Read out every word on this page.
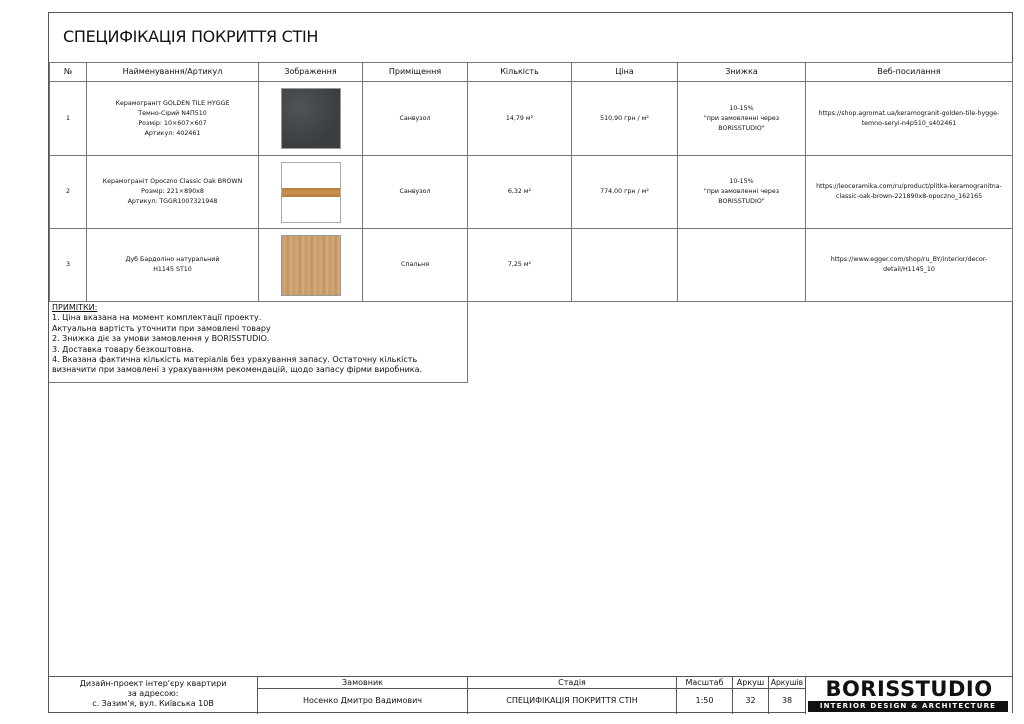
СПЕЦИФІКАЦІЯ ПОКРИТТЯ СТІН
№	Найменування/Артикул	Зображення	Приміщення	Кількість	Ціна	Знижка	Веб-посилання
1	Керамограніт GOLDEN TILE HYGGE
Темно-Сірий N4П510
Розмір: 10×607×607
Артикул: 402461		Санвузол	14,79 м²	510,90 грн / м²	10-15%
"при замовленні через
BORISSTUDIO"	https://shop.agromat.ua/keramogranit-golden-tile-hygge-
temno-seryi-n4p510_s402461

2	Керамограніт Opoczno Classic Oak BROWN
Розмір: 221×890х8
Артикул: TGGR1007321948		Санвузол	6,32 м²	774,00 грн / м²	10-15%
"при замовленні через
BORISSTUDIO"	https://leoceramika.com/ru/product/plitka-keramogranitna-
classic-oak-brown-221890x8-opoczno_162165

3	Дуб Бардоліно натуральний
H1145 ST10		Спальня	7,25 м²			https://www.egger.com/shop/ru_BY/interior/decor-
detail/H1145_10
ПРИМІТКИ:
1. Ціна вказана на момент комплектації проекту.
Актуальна вартість уточнити при замовлені товару
2. Знижка діє за умови замовлення у BORISSTUDIO.
3. Доставка товару безкоштовна.
4. Вказана фактична кількість матеріалів без урахування запасу. Остаточну кількість
визначити при замовлені з урахуванням рекомендацій, щодо запасу фірми виробника.
Дизайн-проект інтер'єру квартири
за адресою:
с. Зазим'я, вул. Київська 10В
Замовник
Носенко Дмитро Вадимович
Стадія
СПЕЦИФІКАЦІЯ ПОКРИТТЯ СТІН
Масштаб
1:50
Аркуш
32
Аркушів
38	BORISSTUDIO
INTERIOR DESIGN & ARCHITECTURE
